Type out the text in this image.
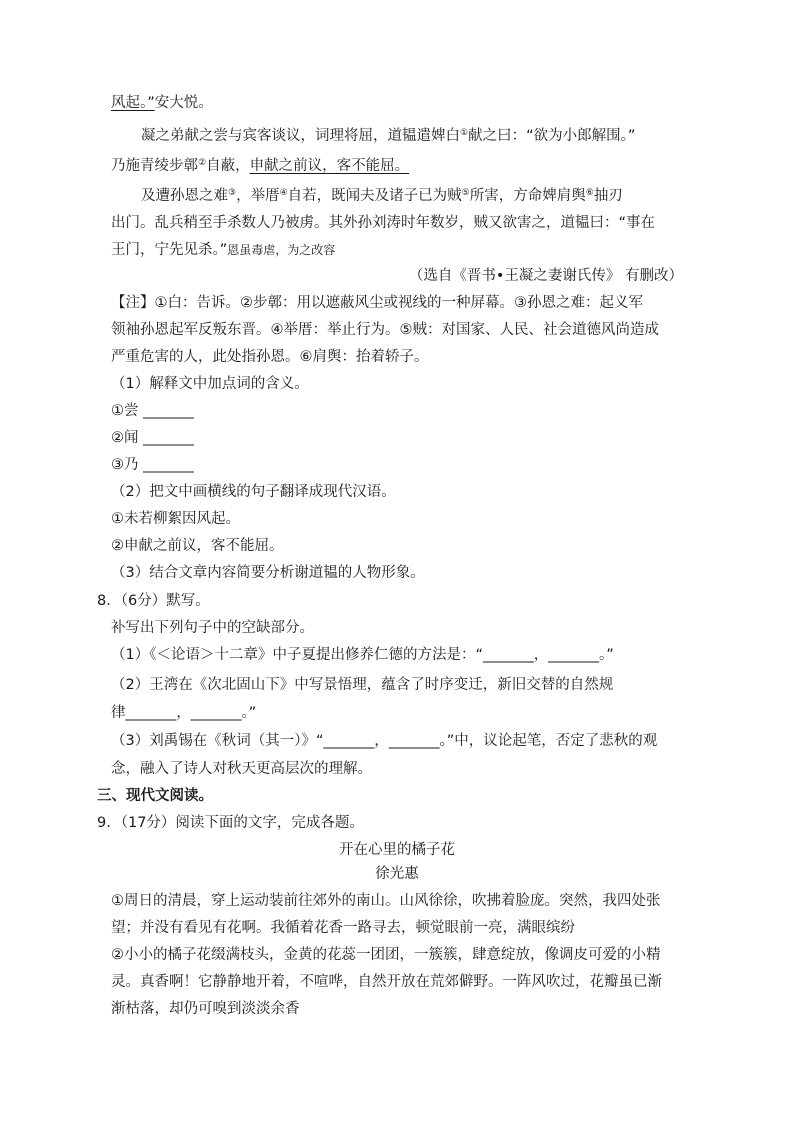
风起。”安大悦。
凝之弟献之尝与宾客谈议，词理将屈，道韫遣婢白①献之曰：“欲为小郎解围。”
乃施青绫步鄣②自蔽，申献之前议，客不能屈。
及遭孙恩之难③，举厝④自若，既闻夫及诸子已为贼⑤所害，方命婢肩舆⑥抽刃
出门。乱兵稍至手杀数人乃被虏。其外孙刘涛时年数岁，贼又欲害之，道韫曰：“事在
王门，宁先见杀。”恩虽毒虐，为之改容
（选自《晋书•王凝之妻谢氏传》 有删改）
【注】①白：告诉。②步鄣：用以遮蔽风尘或视线的一种屏幕。③孙恩之难：起义军
领袖孙恩起军反叛东晋。④举厝：举止行为。⑤贼：对国家、人民、社会道德风尚造成
严重危害的人，此处指孙恩。⑥肩舆：抬着轿子。
（1）解释文中加点词的含义。
①尝 _______
②闻 _______
③乃 _______
（2）把文中画横线的句子翻译成现代汉语。
①未若柳絮因风起。
②申献之前议，客不能屈。
（3）结合文章内容简要分析谢道韫的人物形象。
8．（6分）默写。
补写出下列句子中的空缺部分。
（1）《＜论语＞十二章》中子夏提出修养仁德的方法是：“_______，_______。”
（2）王湾在《次北固山下》中写景悟理，蕴含了时序变迁，新旧交替的自然规
律_______，_______。”
（3）刘禹锡在《秋词（其一）》“_______，_______。”中，议论起笔，否定了悲秋的观
念，融入了诗人对秋天更高层次的理解。
三、现代文阅读。
9．（17分）阅读下面的文字，完成各题。
开在心里的橘子花
徐光惠
①周日的清晨，穿上运动装前往郊外的南山。山风徐徐，吹拂着脸庞。突然，我四处张
望；并没有看见有花啊。我循着花香一路寻去，顿觉眼前一亮，满眼缤纷
②小小的橘子花缀满枝头，金黄的花蕊一团团，一簇簇，肆意绽放，像调皮可爱的小精
灵。真香啊！它静静地开着，不喧哗，自然开放在荒郊僻野。一阵风吹过，花瓣虽已渐
渐枯落，却仍可嗅到淡淡余香
